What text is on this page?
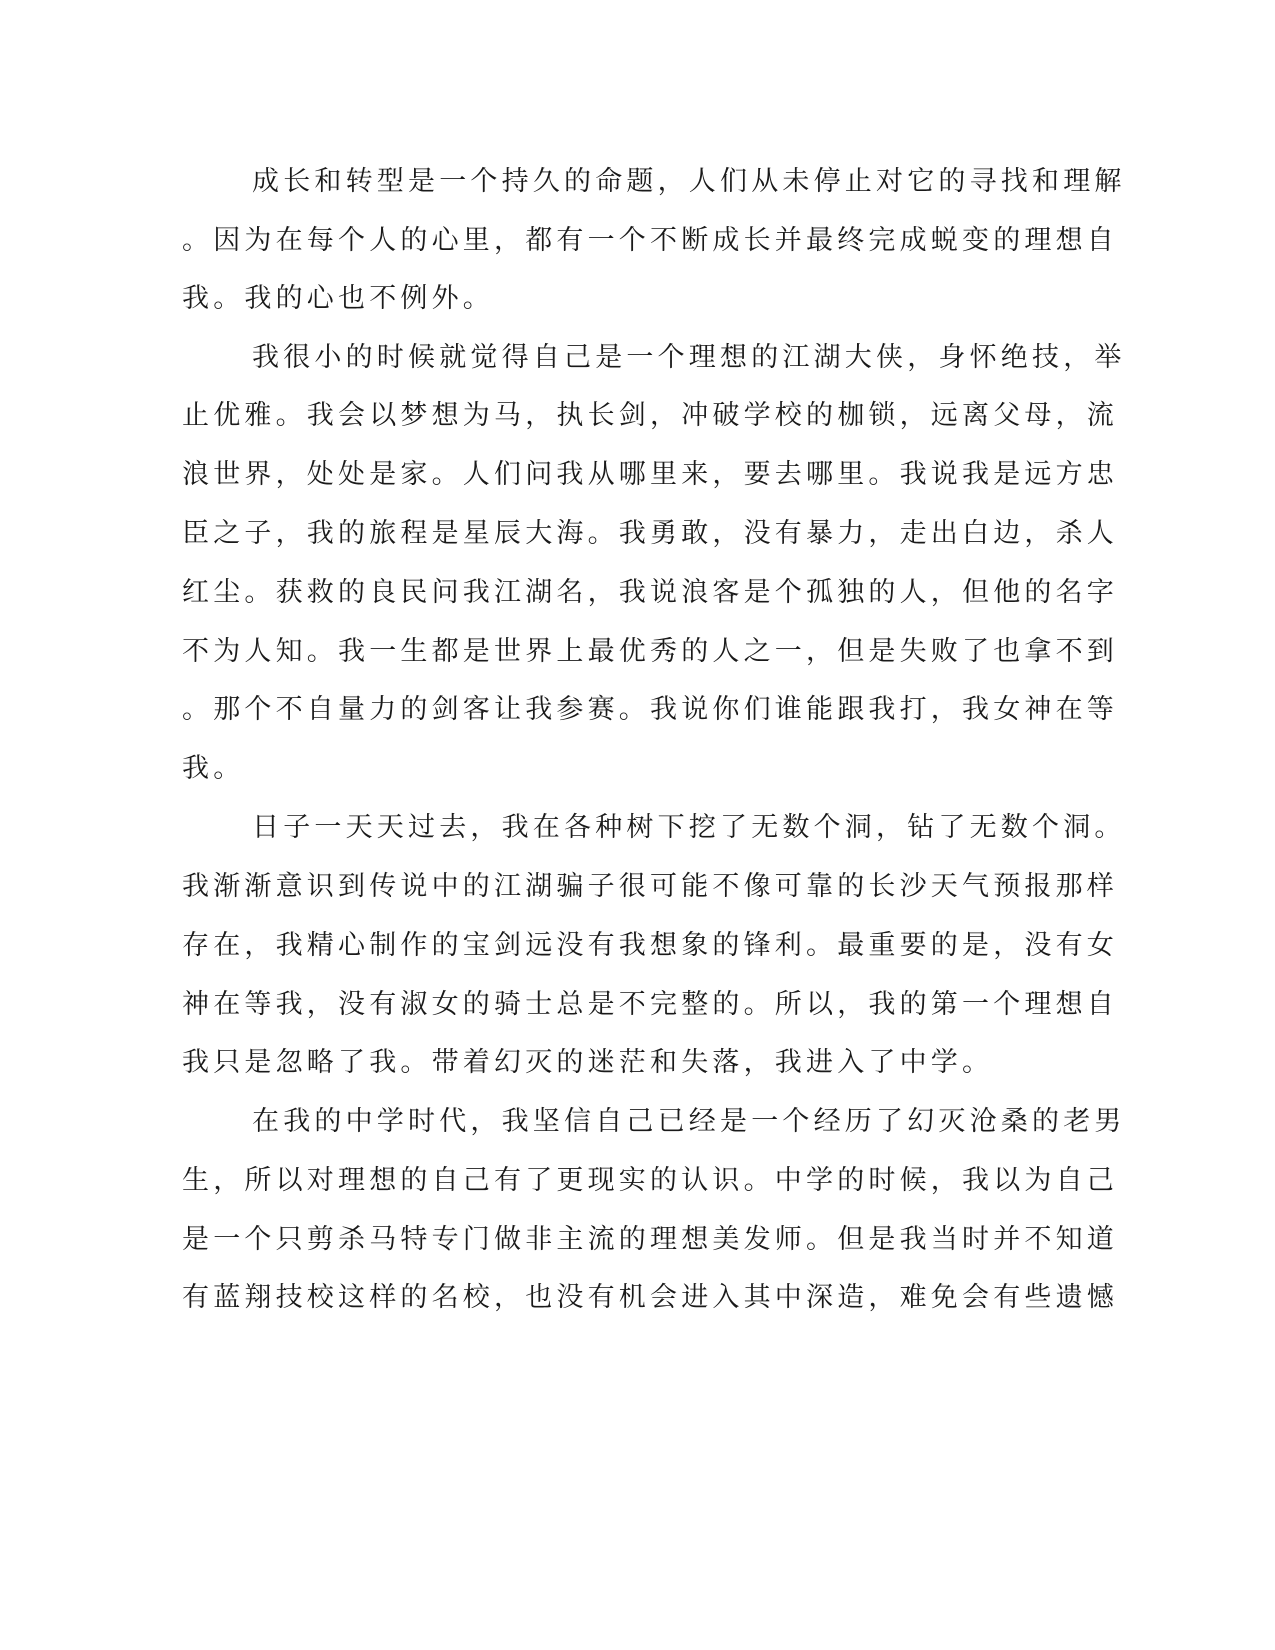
成长和转型是一个持久的命题，人们从未停止对它的寻找和理解
。因为在每个人的心里，都有一个不断成长并最终完成蜕变的理想自
我。我的心也不例外。
我很小的时候就觉得自己是一个理想的江湖大侠，身怀绝技，举
止优雅。我会以梦想为马，执长剑，冲破学校的枷锁，远离父母，流
浪世界，处处是家。人们问我从哪里来，要去哪里。我说我是远方忠
臣之子，我的旅程是星辰大海。我勇敢，没有暴力，走出白边，杀人
红尘。获救的良民问我江湖名，我说浪客是个孤独的人，但他的名字
不为人知。我一生都是世界上最优秀的人之一，但是失败了也拿不到
。那个不自量力的剑客让我参赛。我说你们谁能跟我打，我女神在等
我。
日子一天天过去，我在各种树下挖了无数个洞，钻了无数个洞。
我渐渐意识到传说中的江湖骗子很可能不像可靠的长沙天气预报那样
存在，我精心制作的宝剑远没有我想象的锋利。最重要的是，没有女
神在等我，没有淑女的骑士总是不完整的。所以，我的第一个理想自
我只是忽略了我。带着幻灭的迷茫和失落，我进入了中学。
在我的中学时代，我坚信自己已经是一个经历了幻灭沧桑的老男
生，所以对理想的自己有了更现实的认识。中学的时候，我以为自己
是一个只剪杀马特专门做非主流的理想美发师。但是我当时并不知道
有蓝翔技校这样的名校，也没有机会进入其中深造，难免会有些遗憾
